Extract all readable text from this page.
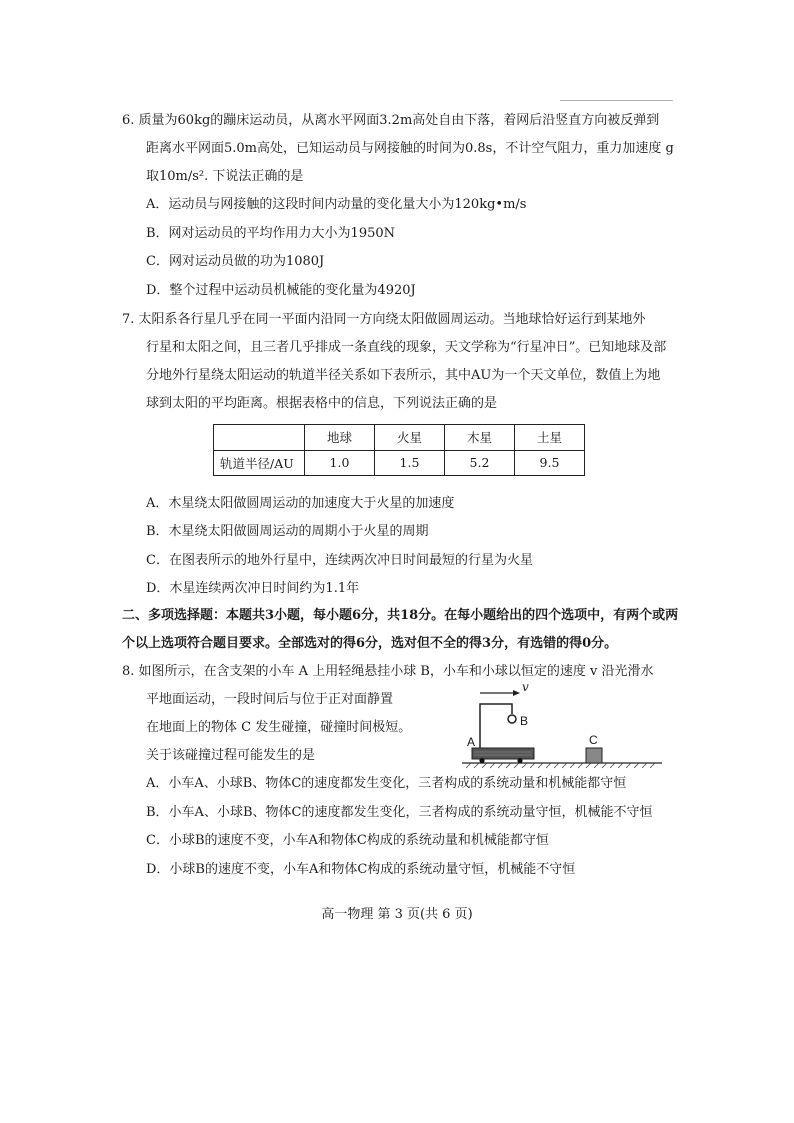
6. 质量为60kg的蹦床运动员，从离水平网面3.2m高处自由下落，着网后沿竖直方向被反弹到
距离水平网面5.0m高处，已知运动员与网接触的时间为0.8s，不计空气阻力，重力加速度 g
取10m/s². 下说法正确的是
A．运动员与网接触的这段时间内动量的变化量大小为120kg•m/s
B．网对运动员的平均作用力大小为1950N
C．网对运动员做的功为1080J
D．整个过程中运动员机械能的变化量为4920J
7. 太阳系各行星几乎在同一平面内沿同一方向绕太阳做圆周运动。当地球恰好运行到某地外
行星和太阳之间，且三者几乎排成一条直线的现象，天文学称为“行星冲日”。已知地球及部
分地外行星绕太阳运动的轨道半径关系如下表所示，其中AU为一个天文单位，数值上为地
球到太阳的平均距离。根据表格中的信息，下列说法正确的是
	地球	火星	木星	土星
轨道半径/AU	1.0	1.5	5.2	9.5
A．木星绕太阳做圆周运动的加速度大于火星的加速度
B．木星绕太阳做圆周运动的周期小于火星的周期
C．在图表所示的地外行星中，连续两次冲日时间最短的行星为火星
D．木星连续两次冲日时间约为1.1年
二、多项选择题：本题共3小题，每小题6分，共18分。在每小题给出的四个选项中，有两个或两
个以上选项符合题目要求。全部选对的得6分，选对但不全的得3分，有选错的得0分。
8. 如图所示，在含支架的小车 A 上用轻绳悬挂小球 B，小车和小球以恒定的速度 v 沿光滑水
平地面运动，一段时间后与位于正对面静置
在地面上的物体 C 发生碰撞，碰撞时间极短。
关于该碰撞过程可能发生的是
v
B
A	C
A．小车A、小球B、物体C的速度都发生变化，三者构成的系统动量和机械能都守恒
B．小车A、小球B、物体C的速度都发生变化，三者构成的系统动量守恒，机械能不守恒
C．小球B的速度不变，小车A和物体C构成的系统动量和机械能都守恒
D．小球B的速度不变，小车A和物体C构成的系统动量守恒，机械能不守恒
高一物理 第 3 页(共 6 页)
